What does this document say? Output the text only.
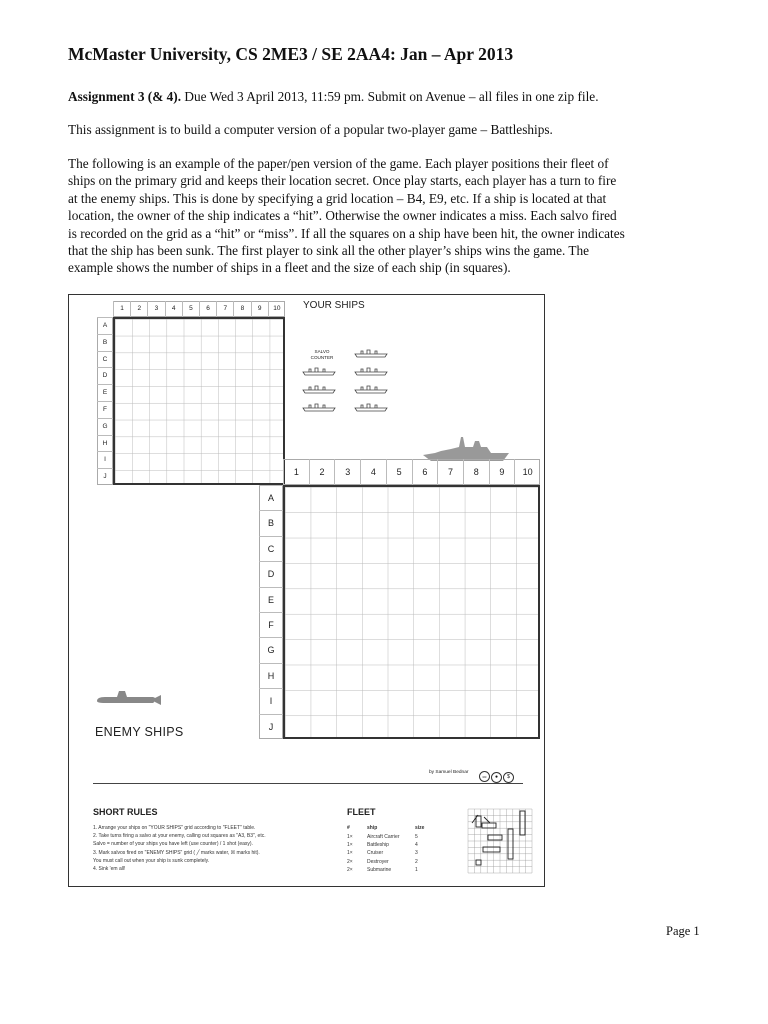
McMaster University, CS 2ME3 / SE 2AA4: Jan – Apr 2013
Assignment 3 (& 4). Due Wed 3 April 2013, 11:59 pm. Submit on Avenue – all files in one zip file.
This assignment is to build a computer version of a popular two-player game – Battleships.
The following is an example of the paper/pen version of the game. Each player positions their fleet of
ships on the primary grid and keeps their location secret. Once play starts, each player has a turn to fire
at the enemy ships. This is done by specifying a grid location – B4, E9, etc. If a ship is located at that
location, the owner of the ship indicates a “hit”. Otherwise the owner indicates a miss. Each salvo fired
is recorded on the grid as a “hit” or “miss”. If all the squares on a ship have been hit, the owner indicates
that the ship has been sunk. The first player to sink all the other player’s ships wins the game. The
example shows the number of ships in a fleet and the size of each ship (in squares).
YOUR SHIPS
SALVO
COUNTER
ENEMY SHIPS
by Samuel Bednar
cc ● $
SHORT RULES
1. Arrange your ships on "YOUR SHIPS" grid according to "FLEET" table.
2. Take turns firing a salvo at your enemy, calling out squares as "A3, B3", etc.
Salvo = number of your ships you have left (use counter) / 1 shot (easy).
3. Mark salvos fired on "ENEMY SHIPS" grid ( ╱ marks water, ☒ marks hit).
You must call out when your ship is sunk completely.
4. Sink 'em all!
FLEET
#	ship	size
1×	Aircraft Carrier	5
1×	Battleship	4
1×	Cruiser	3
2×	Destroyer	2
2×	Submarine	1
1	2	3	4	5	6	7	8	9	10
A
B
C
D
E
F
G
H
I
J	1	2	3	4	5	6	7	8	9	10
A
B
C
D
E
F
G
H
I
J
Page 1
